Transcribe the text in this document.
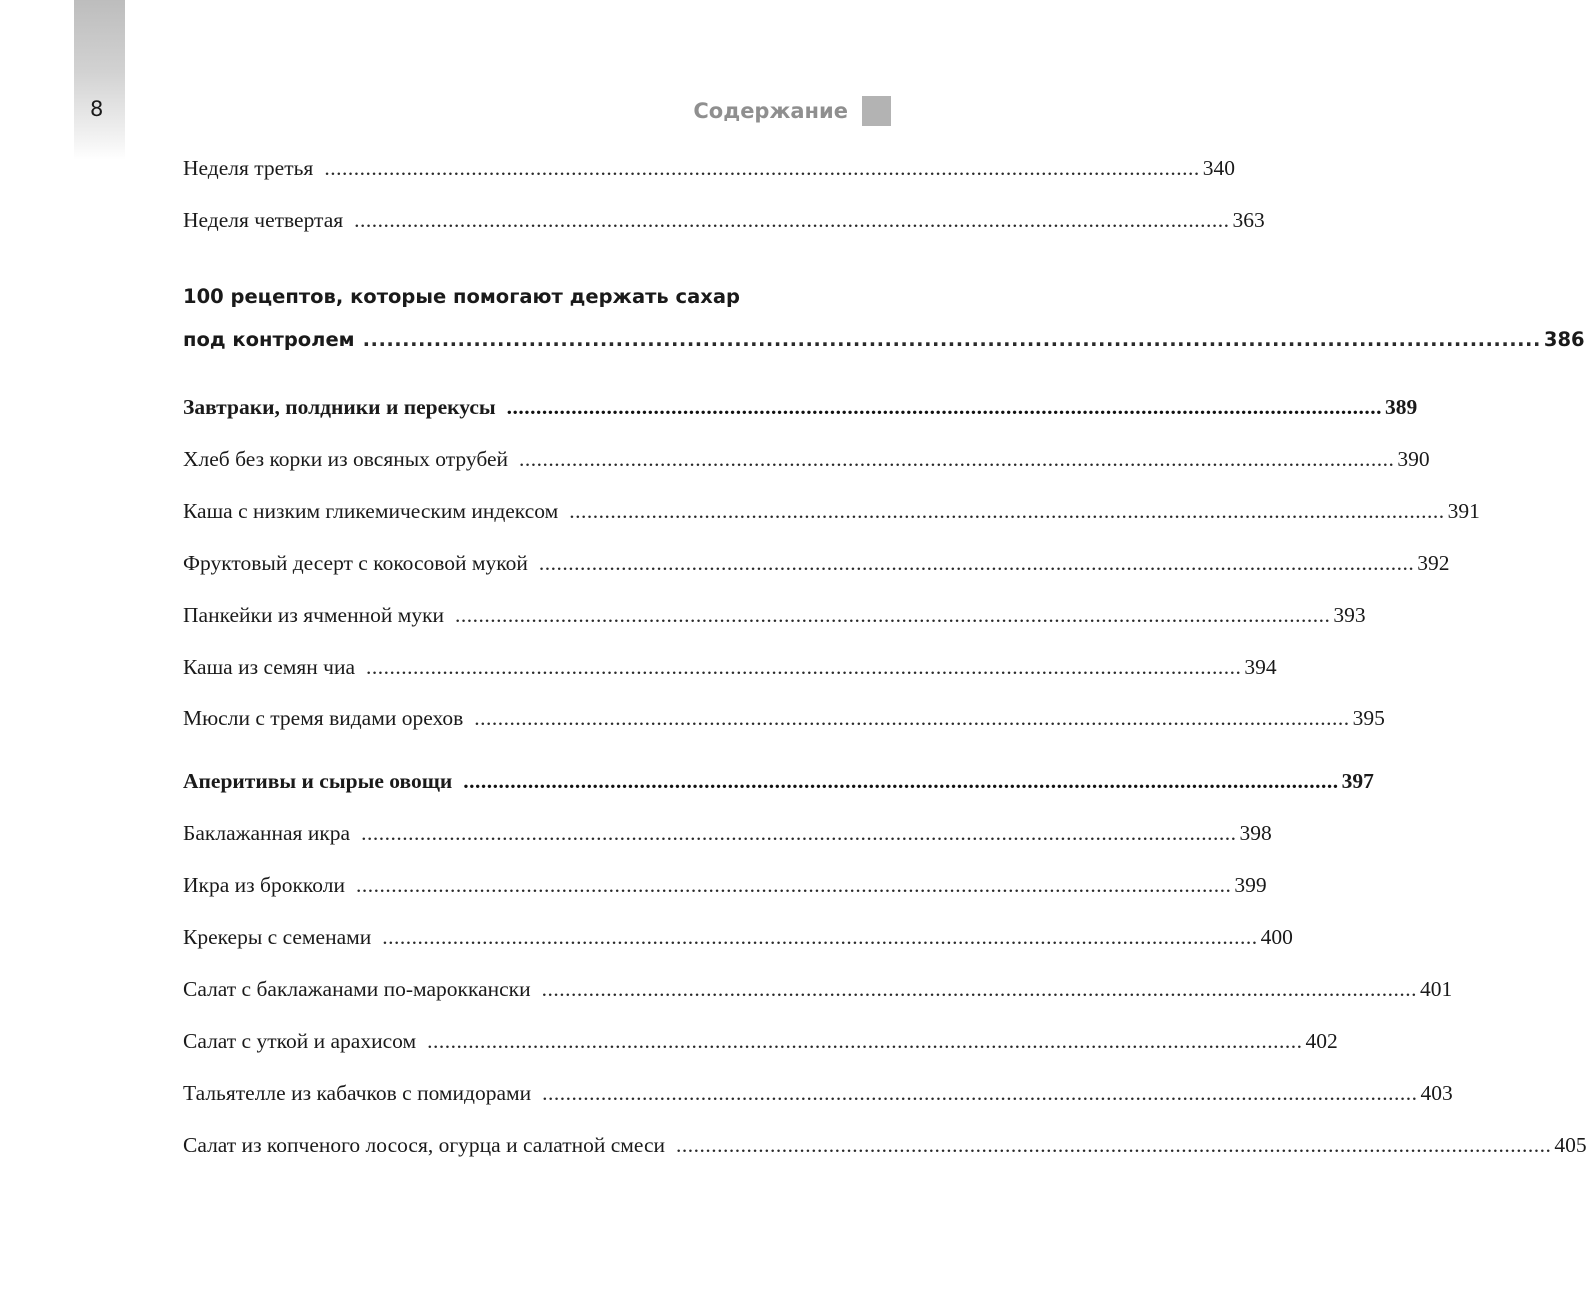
8	Содержание
Неделя третья ..................................................................................................................................................... 340
Неделя четвертая ..................................................................................................................................................... 363
100 рецептов, которые помогают держать сахар
под контролем ..................................................................................................................................................... 386
Завтраки, полдники и перекусы ..................................................................................................................................................... 389
Хлеб без корки из овсяных отрубей ..................................................................................................................................................... 390
Каша с низким гликемическим индексом ..................................................................................................................................................... 391
Фруктовый десерт с кокосовой мукой ..................................................................................................................................................... 392
Панкейки из ячменной муки ..................................................................................................................................................... 393
Каша из семян чиа ..................................................................................................................................................... 394
Мюсли с тремя видами орехов ..................................................................................................................................................... 395
Аперитивы и сырые овощи ..................................................................................................................................................... 397
Баклажанная икра ..................................................................................................................................................... 398
Икра из брокколи ..................................................................................................................................................... 399
Крекеры с семенами ..................................................................................................................................................... 400
Салат с баклажанами по-мароккански ..................................................................................................................................................... 401
Салат с уткой и арахисом ..................................................................................................................................................... 402
Тальятелле из кабачков с помидорами ..................................................................................................................................................... 403
Салат из копченого лосося, огурца и салатной смеси ..................................................................................................................................................... 405
